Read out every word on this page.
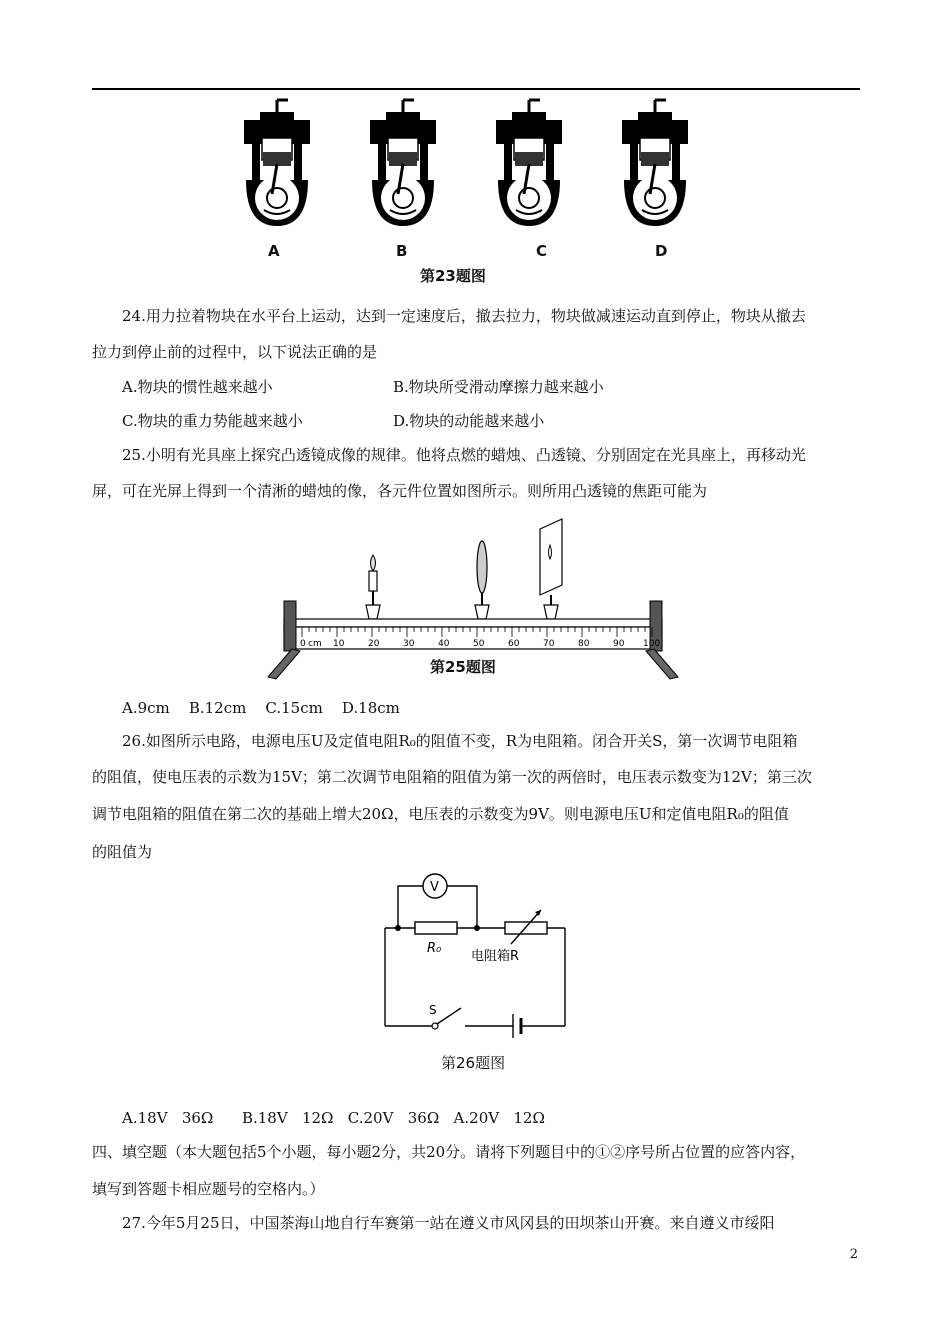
A	B	C	D
第23题图
24.用力拉着物块在水平台上运动，达到一定速度后，撤去拉力，物块做减速运动直到停止，物块从撤去
拉力到停止前的过程中，以下说法正确的是
A.物块的惯性越来越小	B.物块所受滑动摩擦力越来越小
C.物块的重力势能越来越小	D.物块的动能越来越小
25.小明有光具座上探究凸透镜成像的规律。他将点燃的蜡烛、凸透镜、分别固定在光具座上，再移动光
屏，可在光屏上得到一个清淅的蜡烛的像，各元件位置如图所示。则所用凸透镜的焦距可能为
0 cm 10	20	30	40	50	60	70	80	90 100
第25题图
A.9cm    B.12cm    C.15cm    D.18cm
26.如图所示电路，电源电压U及定值电阻R₀的阻值不变，R为电阻箱。闭合开关S，第一次调节电阻箱
的阻值，使电压表的示数为15V；第二次调节电阻箱的阻值为第一次的两倍时，电压表示数变为12V；第三次
调节电阻箱的阻值在第二次的基础上增大20Ω，电压表的示数变为9V。则电源电压U和定值电阻R₀的阻值
的阻值为
V
R₀
电阻箱R
S
第26题图
A.18V   36Ω      B.18V   12Ω   C.20V   36Ω   A.20V   12Ω
四、填空题（本大题包括5个小题，每小题2分，共20分。请将下列题目中的①②序号所占位置的应答内容，
填写到答题卡相应题号的空格内。）
27.今年5月25日，中国茶海山地自行车赛第一站在遵义市风冈县的田坝茶山开赛。来自遵义市绥阳
2
